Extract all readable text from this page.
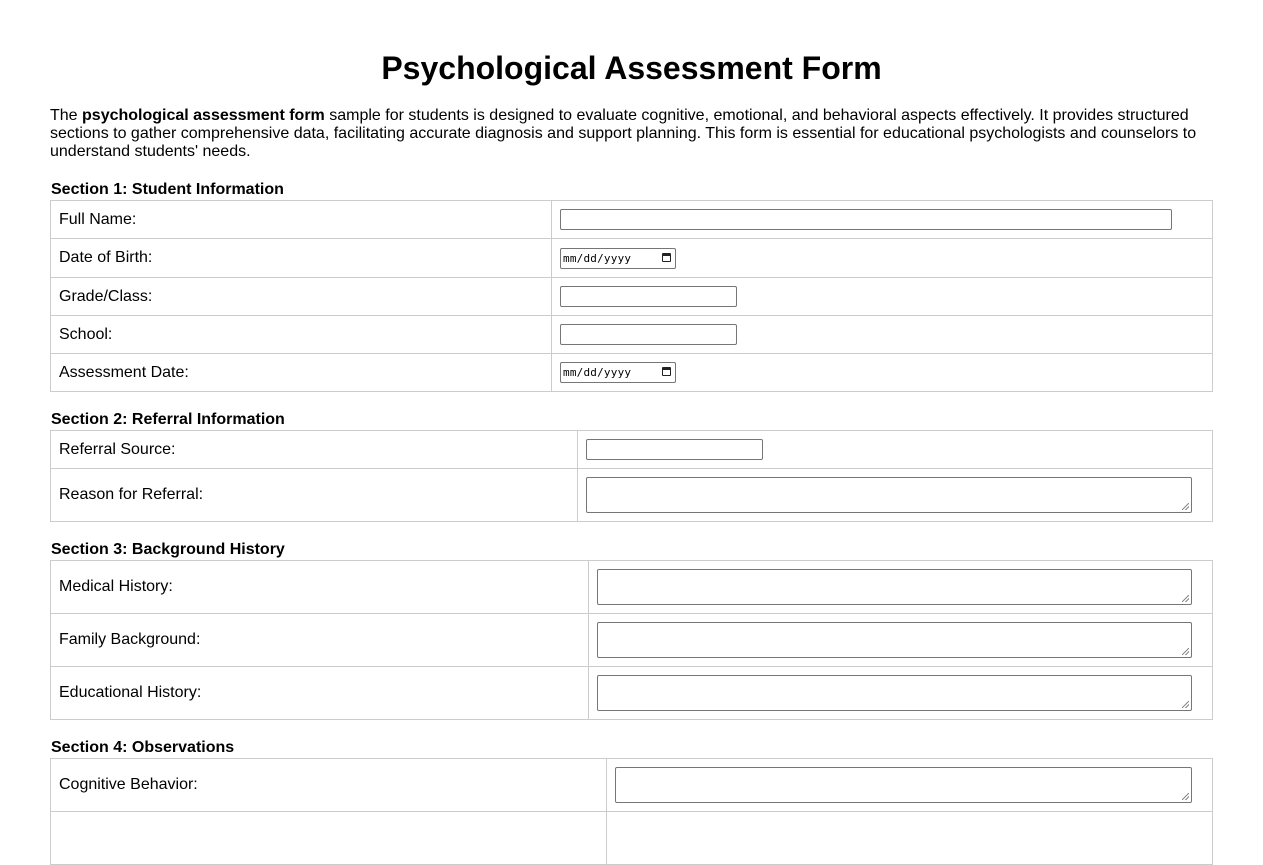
Psychological Assessment Form

The psychological assessment form sample for students is designed to evaluate cognitive, emotional, and behavioral aspects effectively. It provides structured sections to gather comprehensive data, facilitating accurate diagnosis and support planning. This form is essential for educational psychologists and counselors to understand students' needs.

Section 1: Student Information
Full Name:	

Date of Birth:	mm/dd/yyyy

Grade/Class:	

School:	

Assessment Date:	mm/dd/yyyy
Section 2: Referral Information
Referral Source:	

Reason for Referral:	
Section 3: Background History
Medical History:	

Family Background:	

Educational History:	
Section 4: Observations
Cognitive Behavior:	
